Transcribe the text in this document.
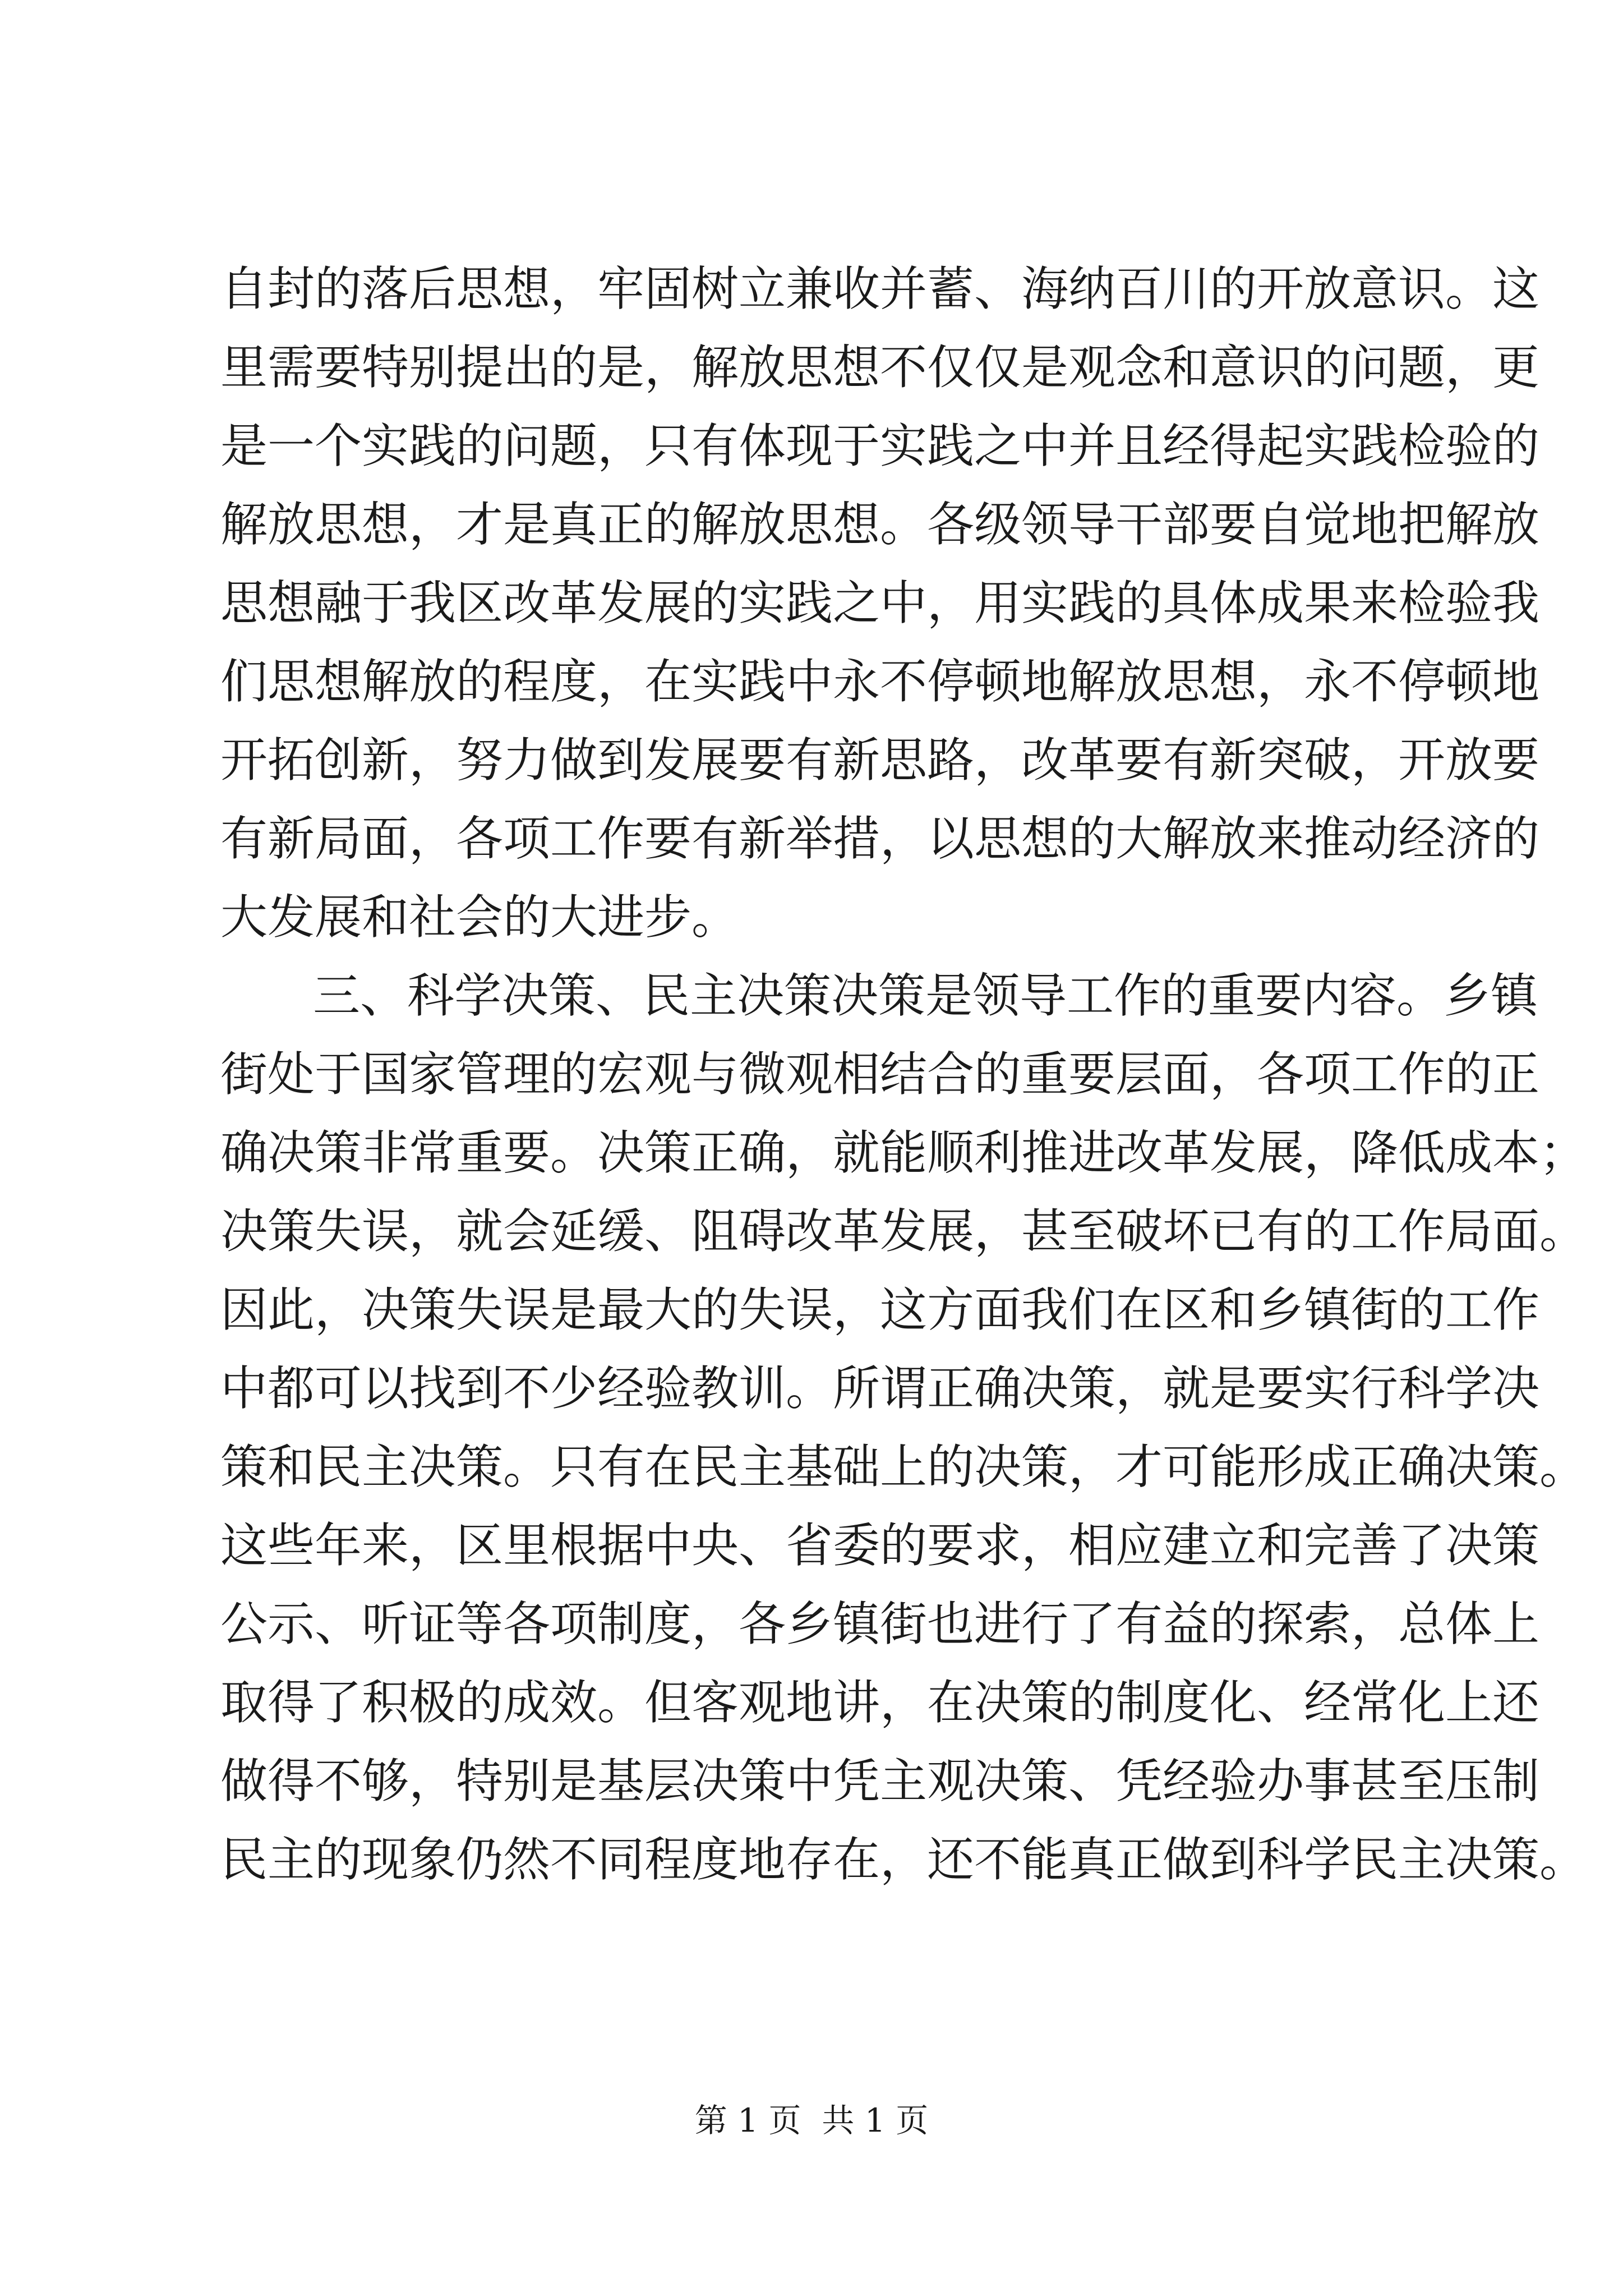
自封的落后思想，牢固树立兼收并蓄、海纳百川的开放意识。这
里需要特别提出的是，解放思想不仅仅是观念和意识的问题，更
是一个实践的问题，只有体现于实践之中并且经得起实践检验的
解放思想，才是真正的解放思想。各级领导干部要自觉地把解放
思想融于我区改革发展的实践之中，用实践的具体成果来检验我
们思想解放的程度，在实践中永不停顿地解放思想，永不停顿地
开拓创新，努力做到发展要有新思路，改革要有新突破，开放要
有新局面，各项工作要有新举措，以思想的大解放来推动经济的
大发展和社会的大进步。
三、科学决策、民主决策决策是领导工作的重要内容。乡镇
街处于国家管理的宏观与微观相结合的重要层面，各项工作的正
确决策非常重要。决策正确，就能顺利推进改革发展，降低成本；
决策失误，就会延缓、阻碍改革发展，甚至破坏已有的工作局面。
因此，决策失误是最大的失误，这方面我们在区和乡镇街的工作
中都可以找到不少经验教训。所谓正确决策，就是要实行科学决
策和民主决策。只有在民主基础上的决策，才可能形成正确决策。
这些年来，区里根据中央、省委的要求，相应建立和完善了决策
公示、听证等各项制度，各乡镇街也进行了有益的探索，总体上
取得了积极的成效。但客观地讲，在决策的制度化、经常化上还
做得不够，特别是基层决策中凭主观决策、凭经验办事甚至压制
民主的现象仍然不同程度地存在，还不能真正做到科学民主决策。
第 1 页  共 1 页
